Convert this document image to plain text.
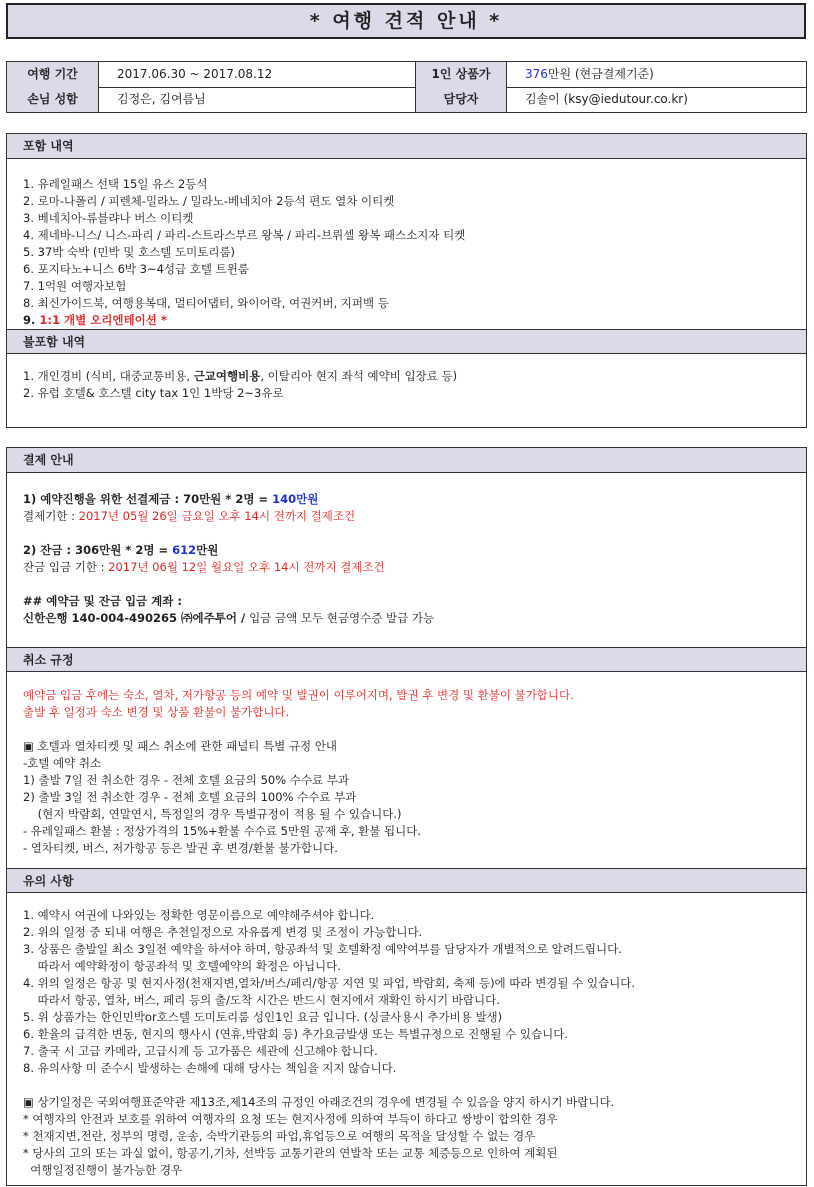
* 여행 견적 안내 *
여행 기간	2017.06.30 ~ 2017.08.12	1인 상품가	376만원 (현금결제기준)
손님 성함	김정은, 김여름님	담당자	김솔이 (ksy@iedutour.co.kr)
포함 내역
1. 유레일패스 선택 15일 유스 2등석
2. 로마-나폴리 / 피렌체-밀라노 / 밀라노-베네치아 2등석 편도 열차 이티켓
3. 베네치아-류블랴나 버스 이티켓
4. 제네바-니스/ 니스-파리 / 파리-스트라스부르 왕복 / 파리-브뤼셀 왕복 패스소지자 티켓
5. 37박 숙박 (민박 및 호스텔 도미토리룸)
6. 포지타노+니스 6박 3~4성급 호텔 트윈룸
7. 1억원 여행자보험
8. 최신가이드북, 여행용복대, 멀티어댑터, 와이어락, 여권커버, 지퍼백 등
9. 1:1 개별 오리엔테이션 *
불포함 내역
1. 개인경비 (식비, 대중교통비용, 근교여행비용, 이탈리아 현지 좌석 예약비 입장료 등)
2. 유럽 호텔& 호스텔 city tax 1인 1박당 2~3유로
결제 안내
1) 예약진행을 위한 선결제금 : 70만원 * 2명 = 140만원
결제기한 : 2017년 05월 26일 금요일 오후 14시 전까지 결제조건
2) 잔금 : 306만원 * 2명 = 612만원
잔금 입금 기한 : 2017년 06월 12일 월요일 오후 14시 전까지 결제조건
## 예약금 및 잔금 입금 계좌 :
신한은행 140-004-490265 ㈜에주투어 / 입금 금액 모두 현금영수증 발급 가능
취소 규정
예약금 입금 후에는 숙소, 열차, 저가항공 등의 예약 및 발권이 이루어지며, 발권 후 변경 및 환불이 불가합니다.
출발 후 일정과 숙소 변경 및 상품 환불이 불가합니다.
▣ 호텔과 열차티켓 및 패스 취소에 관한 패널티 특별 규정 안내
-호텔 예약 취소
1) 출발 7일 전 취소한 경우 - 전체 호텔 요금의 50% 수수료 부과
2) 출발 3일 전 취소한 경우 - 전체 호텔 요금의 100% 수수료 부과
(현지 박람회, 연말연시, 특정일의 경우 특별규정이 적용 될 수 있습니다.)
- 유레일패스 환불 : 정상가격의 15%+환불 수수료 5만원 공제 후, 환불 됩니다.
- 열차티켓, 버스, 저가항공 등은 발권 후 변경/환불 불가합니다.
유의 사항
1. 예약시 여권에 나와있는 정확한 영문이름으로 예약해주셔야 합니다.
2. 위의 일정 중 되내 여행은 추천일정으로 자유롭게 변경 및 조정이 가능합니다.
3. 상품은 출발일 최소 3일전 예약을 하셔야 하며, 항공좌석 및 호텔확정 예약여부를 담당자가 개별적으로 알려드립니다.
따라서 예약확정이 항공좌석 및 호텔예약의 확정은 아닙니다.
4. 위의 일정은 항공 및 현지사정(천재지변,열차/버스/페리/항공 지연 및 파업, 박람회, 축제 등)에 따라 변경될 수 있습니다.
따라서 항공, 열차, 버스, 페리 등의 출/도착 시간은 반드시 현지에서 재확인 하시기 바랍니다.
5. 위 상품가는 한인민박or호스텔 도미토리룸 성인1인 요금 입니다. (싱글사용시 추가비용 발생)
6. 환율의 급격한 변동, 현지의 행사시 (연휴,박람회 등) 추가요금발생 또는 특별규정으로 진행될 수 있습니다.
7. 출국 시 고급 카메라, 고급시계 등 고가품은 세관에 신고해야 합니다.
8. 유의사항 미 준수시 발생하는 손해에 대해 당사는 책임을 지지 않습니다.
▣ 상기일정은 국외여행표준약관 제13조,제14조의 규정인 아래조건의 경우에 변경될 수 있음을 양지 하시기 바랍니다.
* 여행자의 안전과 보호를 위하여 여행자의 요청 또는 현지사정에 의하여 부득이 하다고 쌍방이 합의한 경우
* 천재지변,전란, 정부의 명령, 운송, 숙박기관등의 파업,휴업등으로 여행의 목적을 달성할 수 없는 경우
* 당사의 고의 또는 과실 없이, 항공기,기차, 선박등 교통기관의 연발착 또는 교통 체증등으로 인하여 계획된
여행일정진행이 불가능한 경우
